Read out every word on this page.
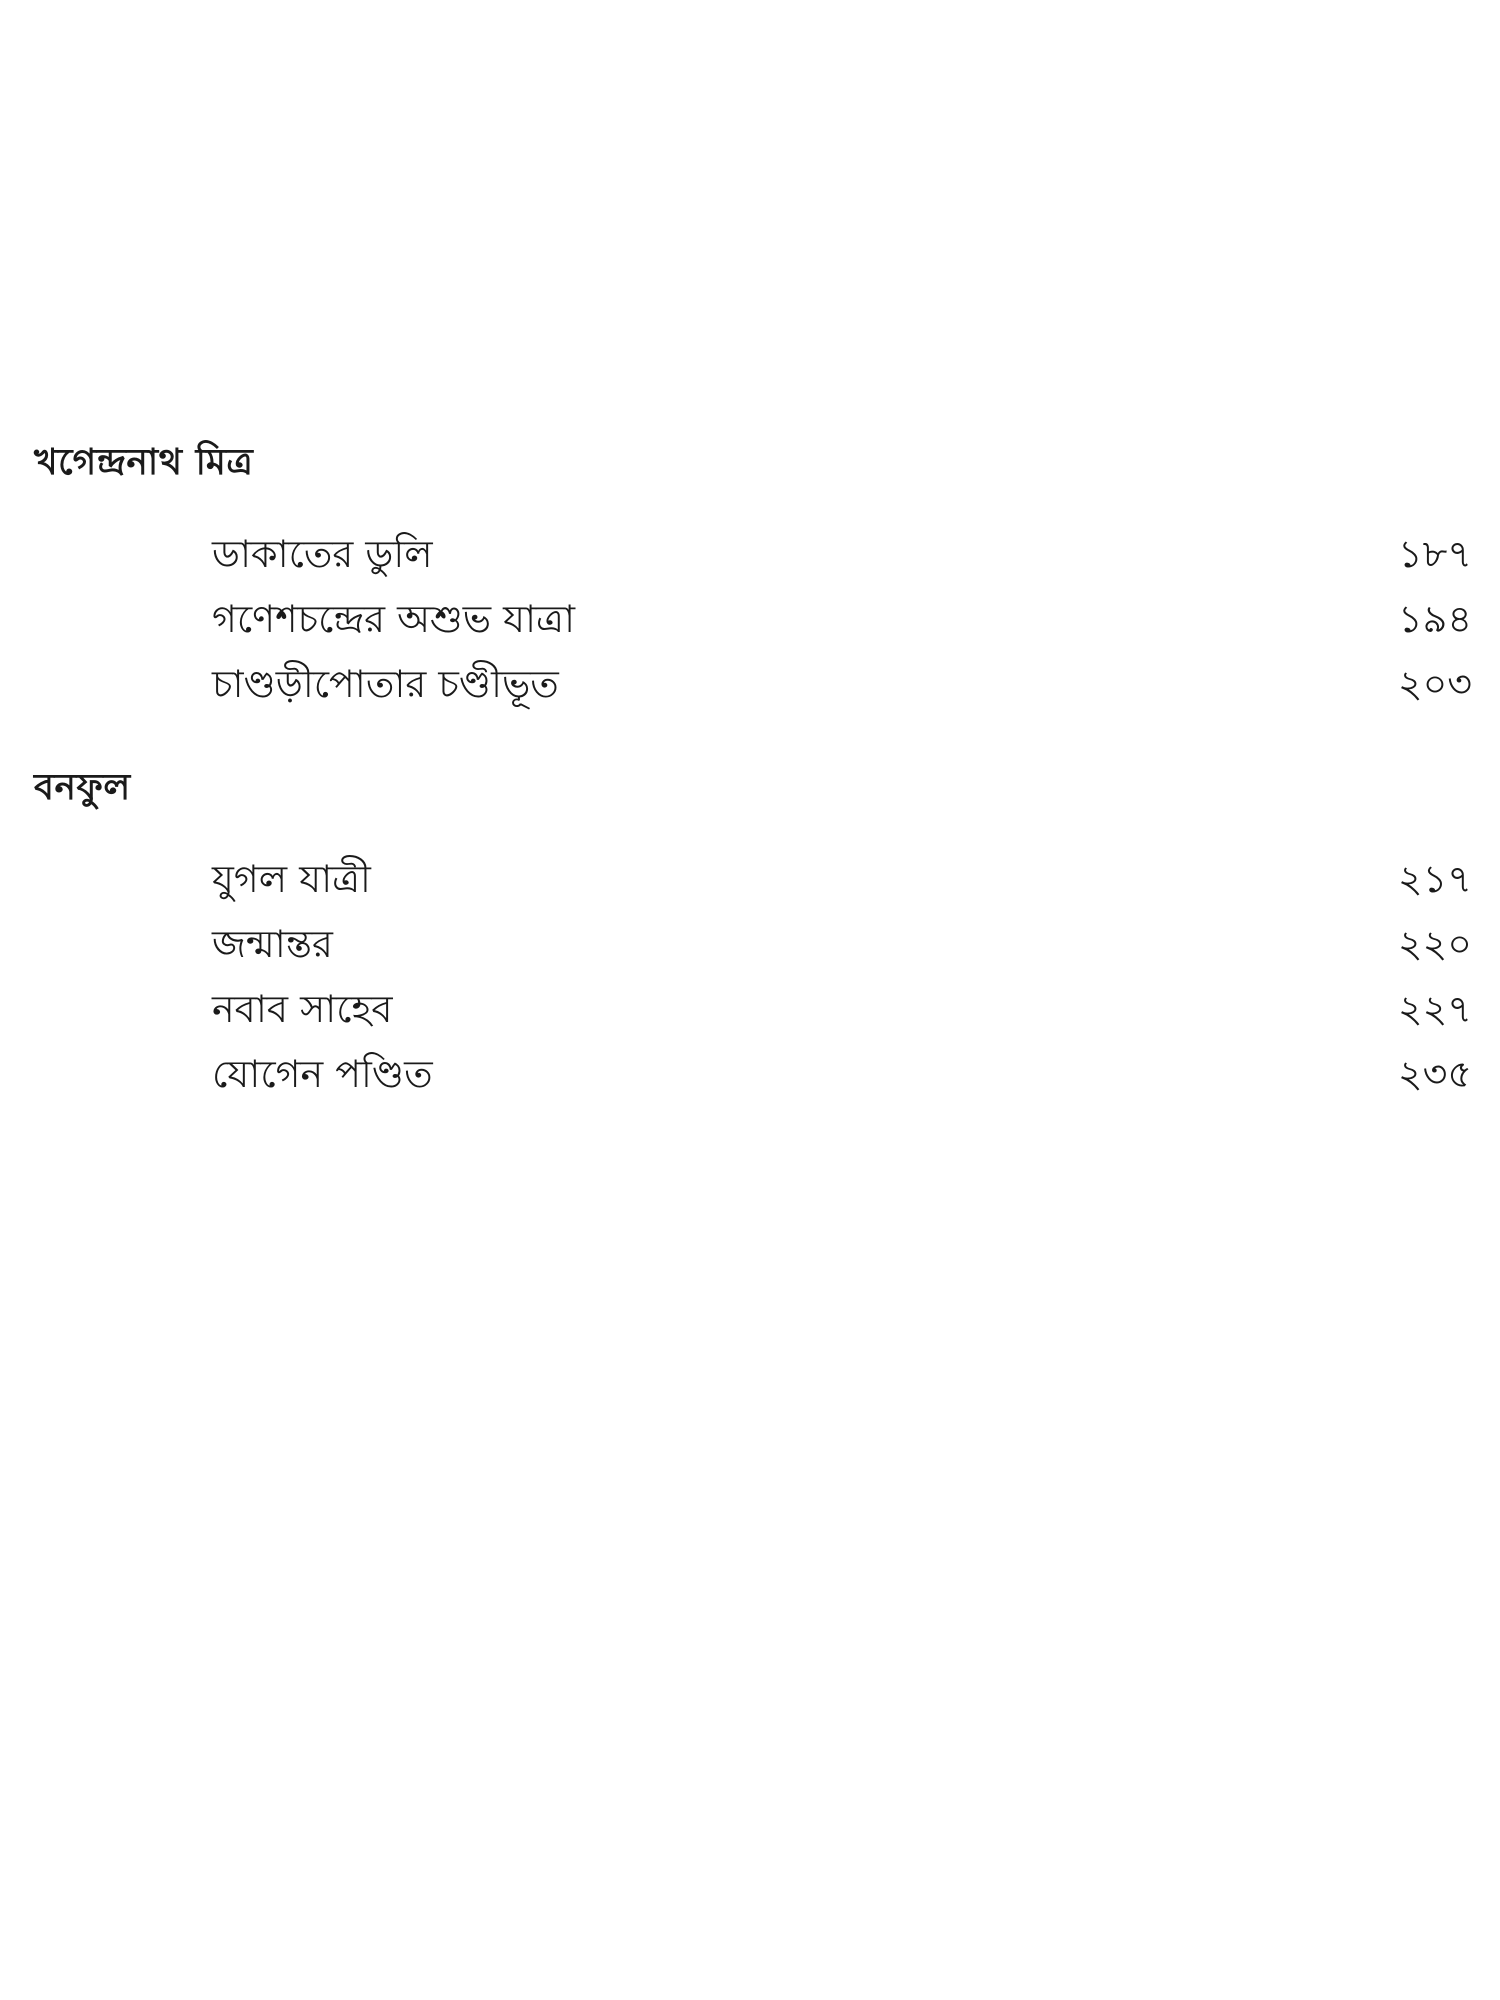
খগেন্দ্রনাথ মিত্র
ডাকাতের ডুলি	১৮৭
গণেশচন্দ্রের অশুভ যাত্রা	১৯৪
চাণ্ডড়ীপোতার চণ্ডীভূত	২০৩
বনফুল
যুগল যাত্রী	২১৭
জন্মান্তর	২২০
নবাব সাহেব	২২৭
যোগেন পণ্ডিত	২৩৫
